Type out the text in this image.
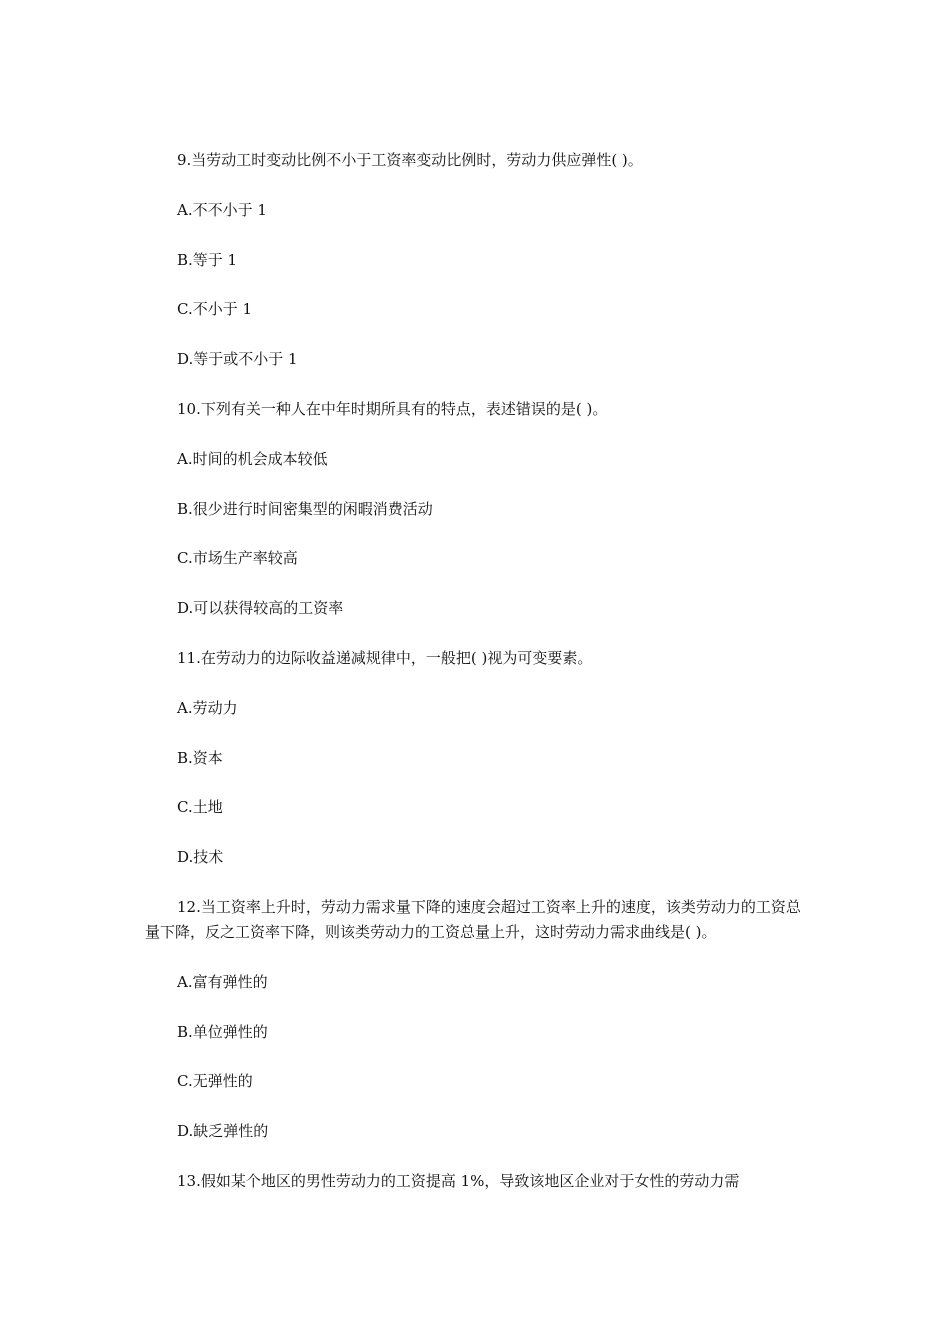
9.当劳动工时变动比例不小于工资率变动比例时，劳动力供应弹性( )。

A.不不小于 1

B.等于 1

C.不小于 1

D.等于或不小于 1

10.下列有关一种人在中年时期所具有的特点，表述错误的是( )。

A.时间的机会成本较低

B.很少进行时间密集型的闲暇消费活动

C.市场生产率较高

D.可以获得较高的工资率

11.在劳动力的边际收益递减规律中，一般把( )视为可变要素。

A.劳动力

B.资本

C.土地

D.技术

12.当工资率上升时，劳动力需求量下降的速度会超过工资率上升的速度，该类劳动力的工资总量下降，反之工资率下降，则该类劳动力的工资总量上升，这时劳动力需求曲线是( )。

A.富有弹性的

B.单位弹性的

C.无弹性的

D.缺乏弹性的

13.假如某个地区的男性劳动力的工资提高 1%，导致该地区企业对于女性的劳动力需
